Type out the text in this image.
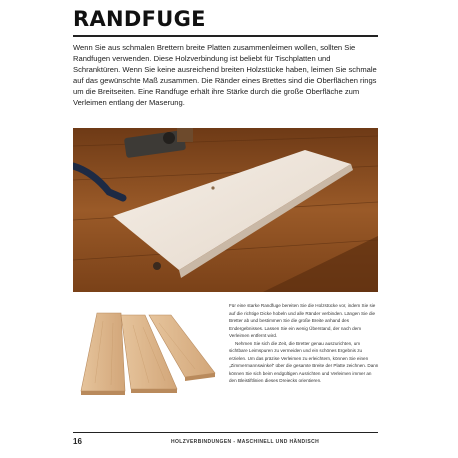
RANDFUGE
Wenn Sie aus schmalen Brettern breite Platten zusammenleimen wollen, sollten Sie Randfugen verwenden. Diese Holzverbindung ist beliebt für Tischplatten und Schranktüren. Wenn Sie keine ausreichend breiten Holzstücke haben, leimen Sie schmale auf das gewünschte Maß zusammen. Die Ränder eines Brettes sind die Oberflächen rings um die Breitseiten. Eine Randfuge erhält ihre Stärke durch die große Oberfläche zum Verleimen entlang der Maserung.

Für eine starke Randfuge bereiten Sie die Holzstücke vor, indem Sie sie auf die richtige Dicke hobeln und alle Ränder verbinden. Längen Sie die Bretter ab und bestimmen Sie die große Breite anhand des Endergebnisses. Lassen Sie ein wenig Überstand, der nach dem Verleimen entfernt wird.

Nehmen Sie sich die Zeit, die Bretter genau auszurichten, um sichtbare Leimspuren zu vermeiden und ein schönes Ergebnis zu erzielen. Um das präzise Verleimen zu erleichtern, können Sie einen „Zimmermannswinkel“ über die gesamte Breite der Platte zeichnen. Dann können Sie sich beim endgültigen Ausrichten und Verleimen immer an den Bleistiftlinien dieses Dreiecks orientieren.

16	HOLZVERBINDUNGEN - MASCHINELL UND HÄNDISCH
